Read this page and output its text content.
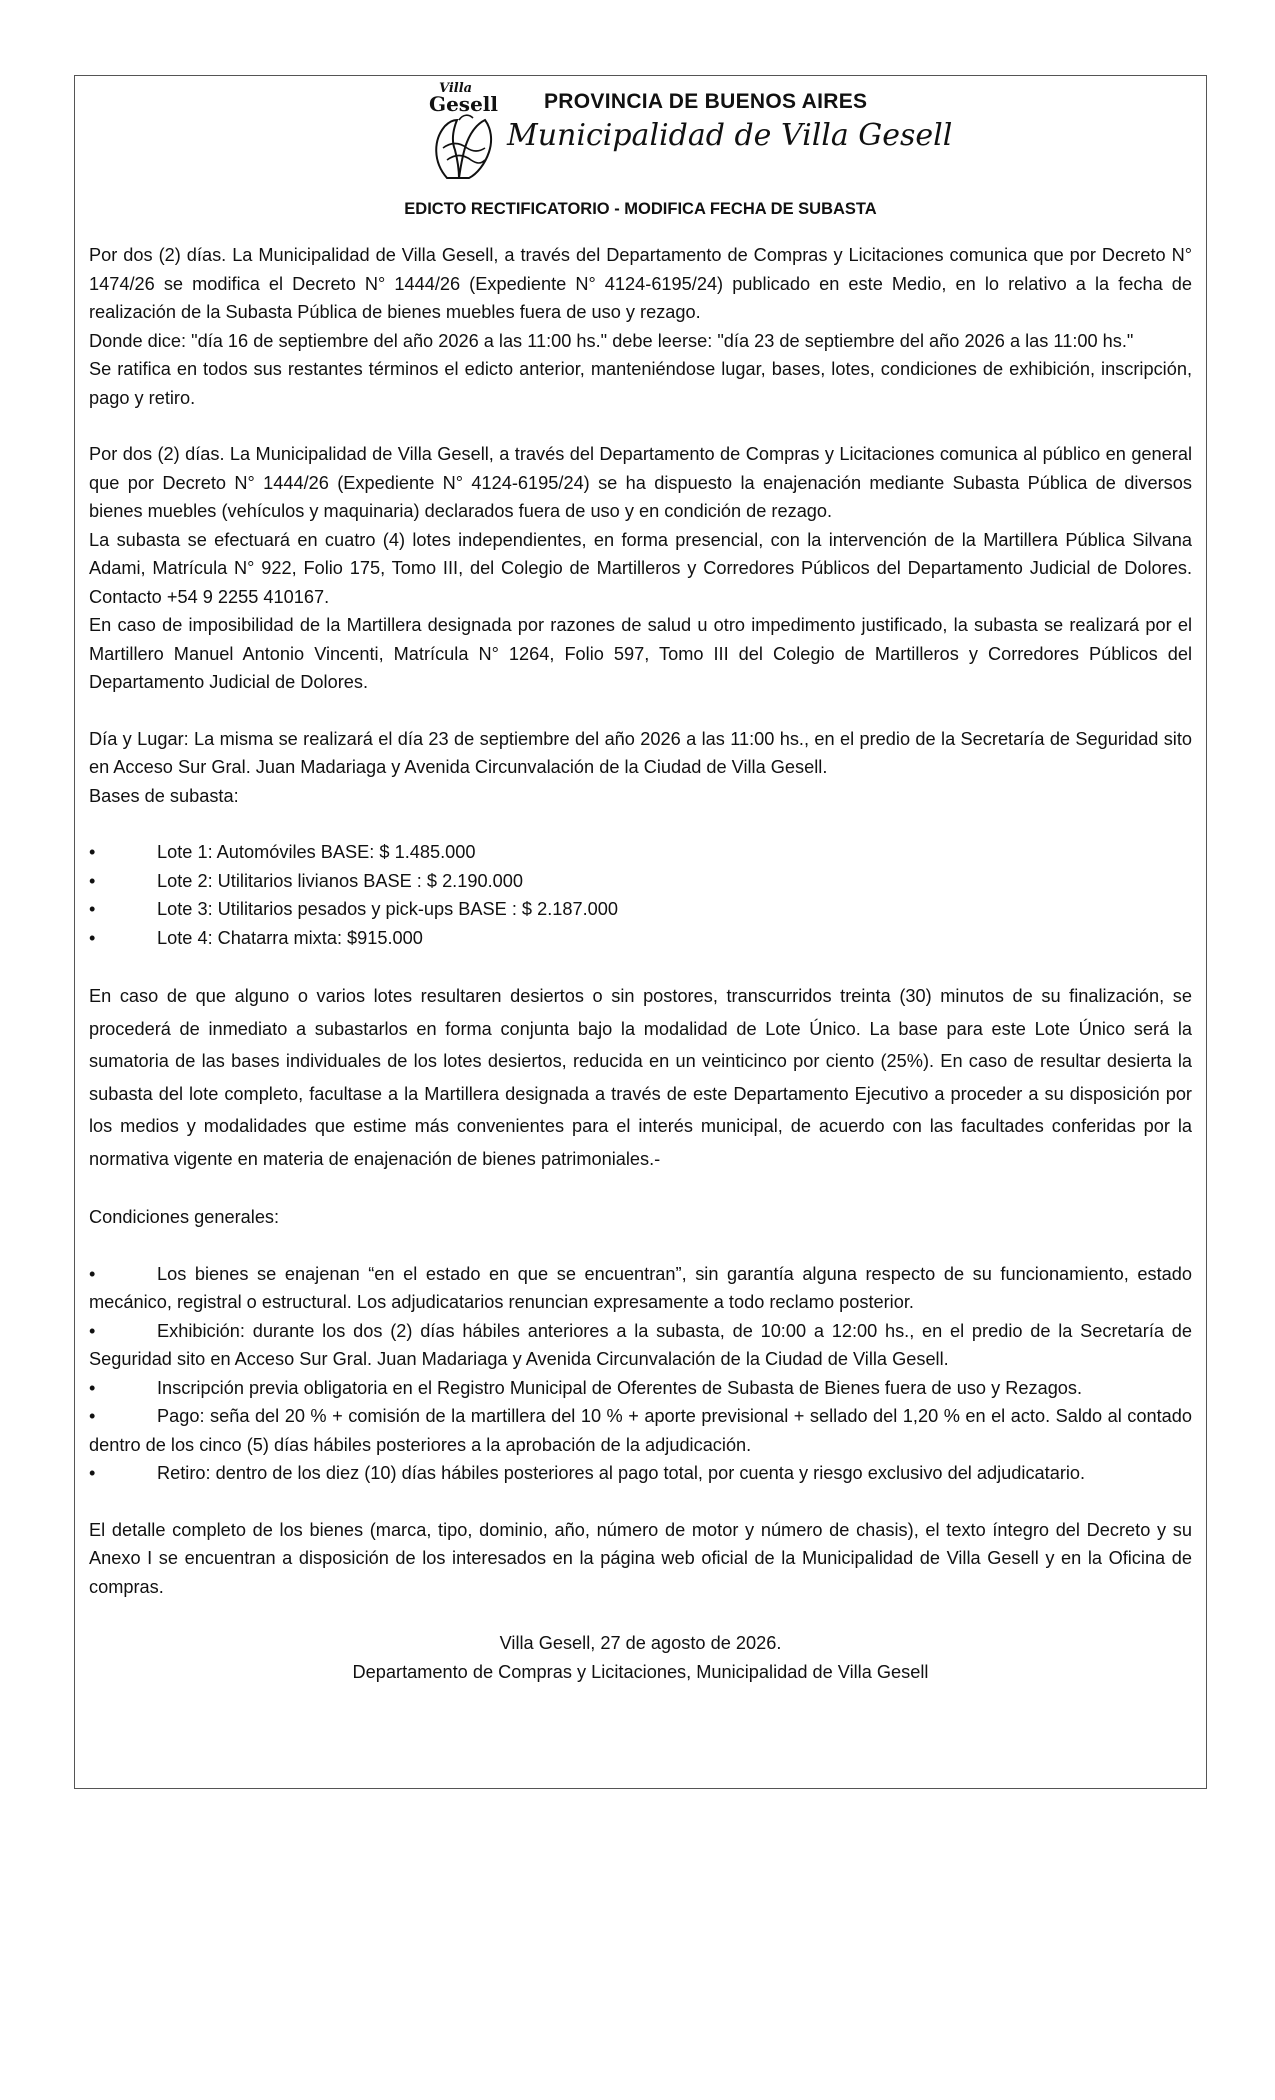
Villa
Gesell PROVINCIA DE BUENOS AIRES
Municipalidad de Villa Gesell
EDICTO RECTIFICATORIO - MODIFICA FECHA DE SUBASTA

Por dos (2) días. La Municipalidad de Villa Gesell, a través del Departamento de Compras y Licitaciones comunica que por Decreto N° 1474/26 se modifica el Decreto N° 1444/26 (Expediente N° 4124-6195/24) publicado en este Medio, en lo relativo a la fecha de realización de la Subasta Pública de bienes muebles fuera de uso y rezago.

Donde dice: "día 16 de septiembre del año 2026 a las 11:00 hs." debe leerse: "día 23 de septiembre del año 2026 a las 11:00 hs."

Se ratifica en todos sus restantes términos el edicto anterior, manteniéndose lugar, bases, lotes, condiciones de exhibición, inscripción, pago y retiro.

Por dos (2) días. La Municipalidad de Villa Gesell, a través del Departamento de Compras y Licitaciones comunica al público en general que por Decreto N° 1444/26 (Expediente N° 4124-6195/24) se ha dispuesto la enajenación mediante Subasta Pública de diversos bienes muebles (vehículos y maquinaria) declarados fuera de uso y en condición de rezago.

La subasta se efectuará en cuatro (4) lotes independientes, en forma presencial, con la intervención de la Martillera Pública Silvana Adami, Matrícula N° 922, Folio 175, Tomo III, del Colegio de Martilleros y Corredores Públicos del Departamento Judicial de Dolores. Contacto +54 9 2255 410167.

En caso de imposibilidad de la Martillera designada por razones de salud u otro impedimento justificado, la subasta se realizará por el Martillero Manuel Antonio Vincenti, Matrícula N° 1264, Folio 597, Tomo III del Colegio de Martilleros y Corredores Públicos del Departamento Judicial de Dolores.

Día y Lugar: La misma se realizará el día 23 de septiembre del año 2026 a las 11:00 hs., en el predio de la Secretaría de Seguridad sito en Acceso Sur Gral. Juan Madariaga y Avenida Circunvalación de la Ciudad de Villa Gesell.

Bases de subasta:

•	Lote 1: Automóviles BASE: $ 1.485.000
•	Lote 2: Utilitarios livianos BASE : $ 2.190.000
•	Lote 3: Utilitarios pesados y pick-ups BASE : $ 2.187.000
•	Lote 4: Chatarra mixta: $915.000

En caso de que alguno o varios lotes resultaren desiertos o sin postores, transcurridos treinta (30) minutos de su finalización, se procederá de inmediato a subastarlos en forma conjunta bajo la modalidad de Lote Único. La base para este Lote Único será la sumatoria de las bases individuales de los lotes desiertos, reducida en un veinticinco por ciento (25%). En caso de resultar desierta la subasta del lote completo, facultase a la Martillera designada a través de este Departamento Ejecutivo a proceder a su disposición por los medios y modalidades que estime más convenientes para el interés municipal, de acuerdo con las facultades conferidas por la normativa vigente en materia de enajenación de bienes patrimoniales.-

Condiciones generales:

•	Los bienes se enajenan “en el estado en que se encuentran”, sin garantía alguna respecto de su funcionamiento, estado mecánico, registral o estructural. Los adjudicatarios renuncian expresamente a todo reclamo posterior.

•	Exhibición: durante los dos (2) días hábiles anteriores a la subasta, de 10:00 a 12:00 hs., en el predio de la Secretaría de Seguridad sito en Acceso Sur Gral. Juan Madariaga y Avenida Circunvalación de la Ciudad de Villa Gesell.

•	Inscripción previa obligatoria en el Registro Municipal de Oferentes de Subasta de Bienes fuera de uso y Rezagos.

•	Pago: seña del 20 % + comisión de la martillera del 10 % + aporte previsional + sellado del 1,20 % en el acto. Saldo al contado dentro de los cinco (5) días hábiles posteriores a la aprobación de la adjudicación.

•	Retiro: dentro de los diez (10) días hábiles posteriores al pago total, por cuenta y riesgo exclusivo del adjudicatario.

El detalle completo de los bienes (marca, tipo, dominio, año, número de motor y número de chasis), el texto íntegro del Decreto y su Anexo I se encuentran a disposición de los interesados en la página web oficial de la Municipalidad de Villa Gesell y en la Oficina de compras.

Villa Gesell, 27 de agosto de 2026.

Departamento de Compras y Licitaciones, Municipalidad de Villa Gesell
